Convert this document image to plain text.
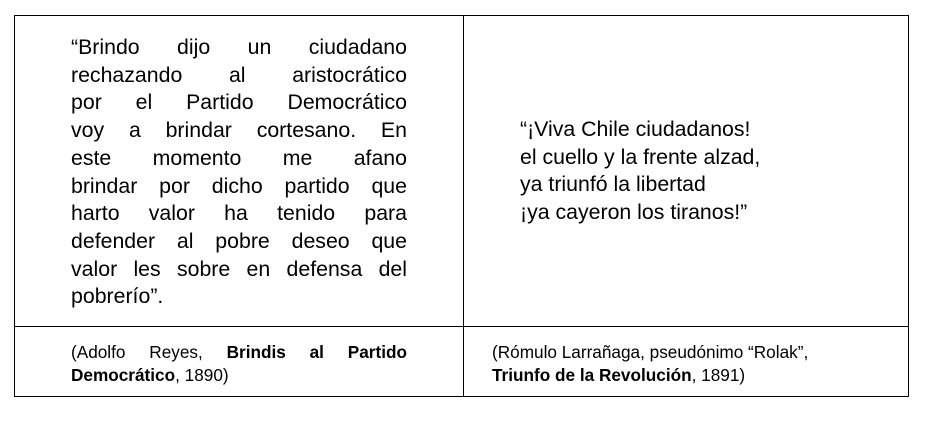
“Brindo dijo un ciudadano
rechazando al aristocrático
por el Partido Democrático
voy a brindar cortesano. En
este momento me afano
brindar por dicho partido que
harto valor ha tenido para
defender al pobre deseo que
valor les sobre en defensa del
pobrerío”.
“¡Viva Chile ciudadanos!
el cuello y la frente alzad,
ya triunfó la libertad
¡ya cayeron los tiranos!”
(Adolfo Reyes, Brindis al Partido
Democrático, 1890)
(Rómulo Larrañaga, pseudónimo “Rolak”,
Triunfo de la Revolución, 1891)
